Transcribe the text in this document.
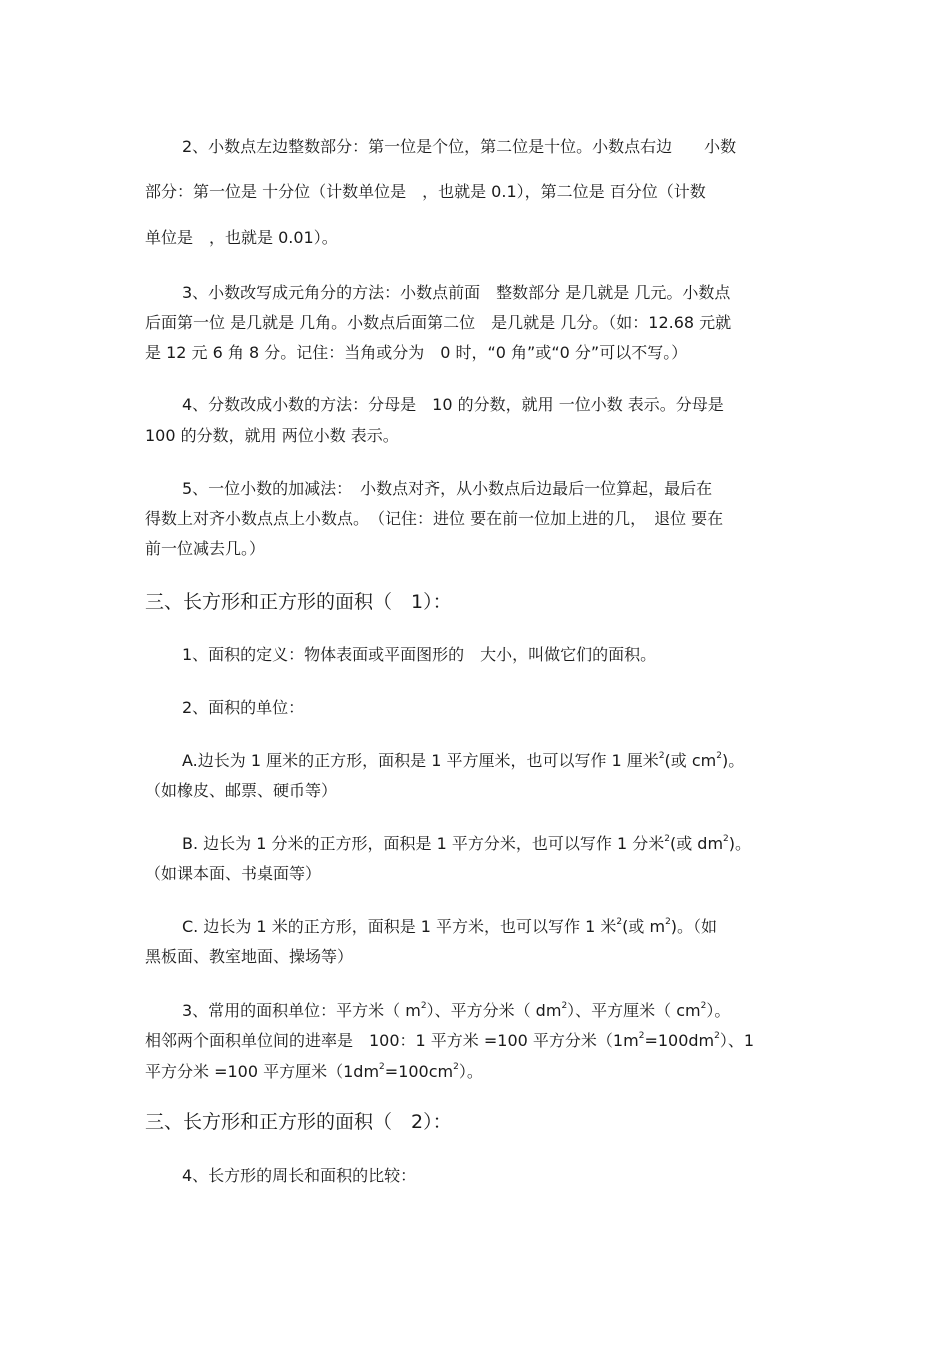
2、小数点左边整数部分：第一位是个位，第二位是十位。小数点右边　　小数
部分：第一位是 十分位（计数单位是　，也就是 0.1），第二位是 百分位（计数
单位是　，也就是 0.01）。
3、小数改写成元角分的方法：小数点前面　整数部分 是几就是 几元。小数点
后面第一位 是几就是 几角。小数点后面第二位　是几就是 几分。（如：12.68 元就
是 12 元 6 角 8 分。记住：当角或分为　0 时，“0 角”或“0 分”可以不写。）
4、分数改成小数的方法：分母是　10 的分数，就用 一位小数 表示。分母是
100 的分数，就用 两位小数 表示。
5、一位小数的加减法：　小数点对齐，从小数点后边最后一位算起，最后在
得数上对齐小数点点上小数点。　（记住：进位 要在前一位加上进的几，　退位 要在
前一位减去几。）
三、长方形和正方形的面积（　1）：
1、面积的定义：物体表面或平面图形的　大小，叫做它们的面积。
2、面积的单位：
A.边长为 1 厘米的正方形，面积是 1 平方厘米，也可以写作 1 厘米$^2$(或 $cm^2$)。
（如橡皮、邮票、硬币等）
B. 边长为 1 分米的正方形，面积是 1 平方分米，也可以写作 1 分米$^2$(或 $dm^2$)。
（如课本面、书桌面等）
C. 边长为 1 米的正方形，面积是 1 平方米，也可以写作 1 米$^2$(或 $m^2$)。（如
黑板面、教室地面、操场等）
3、常用的面积单位：平方米（ $m^2$）、平方分米（ $dm^2$）、平方厘米（ $cm^2$）。
相邻两个面积单位间的进率是　100：1 平方米 =100 平方分米$(1m^2=100dm^2)$、1
平方分米 =100 平方厘米$(1dm^2=100cm^2)$。
三、长方形和正方形的面积（　2）：
4、长方形的周长和面积的比较：
